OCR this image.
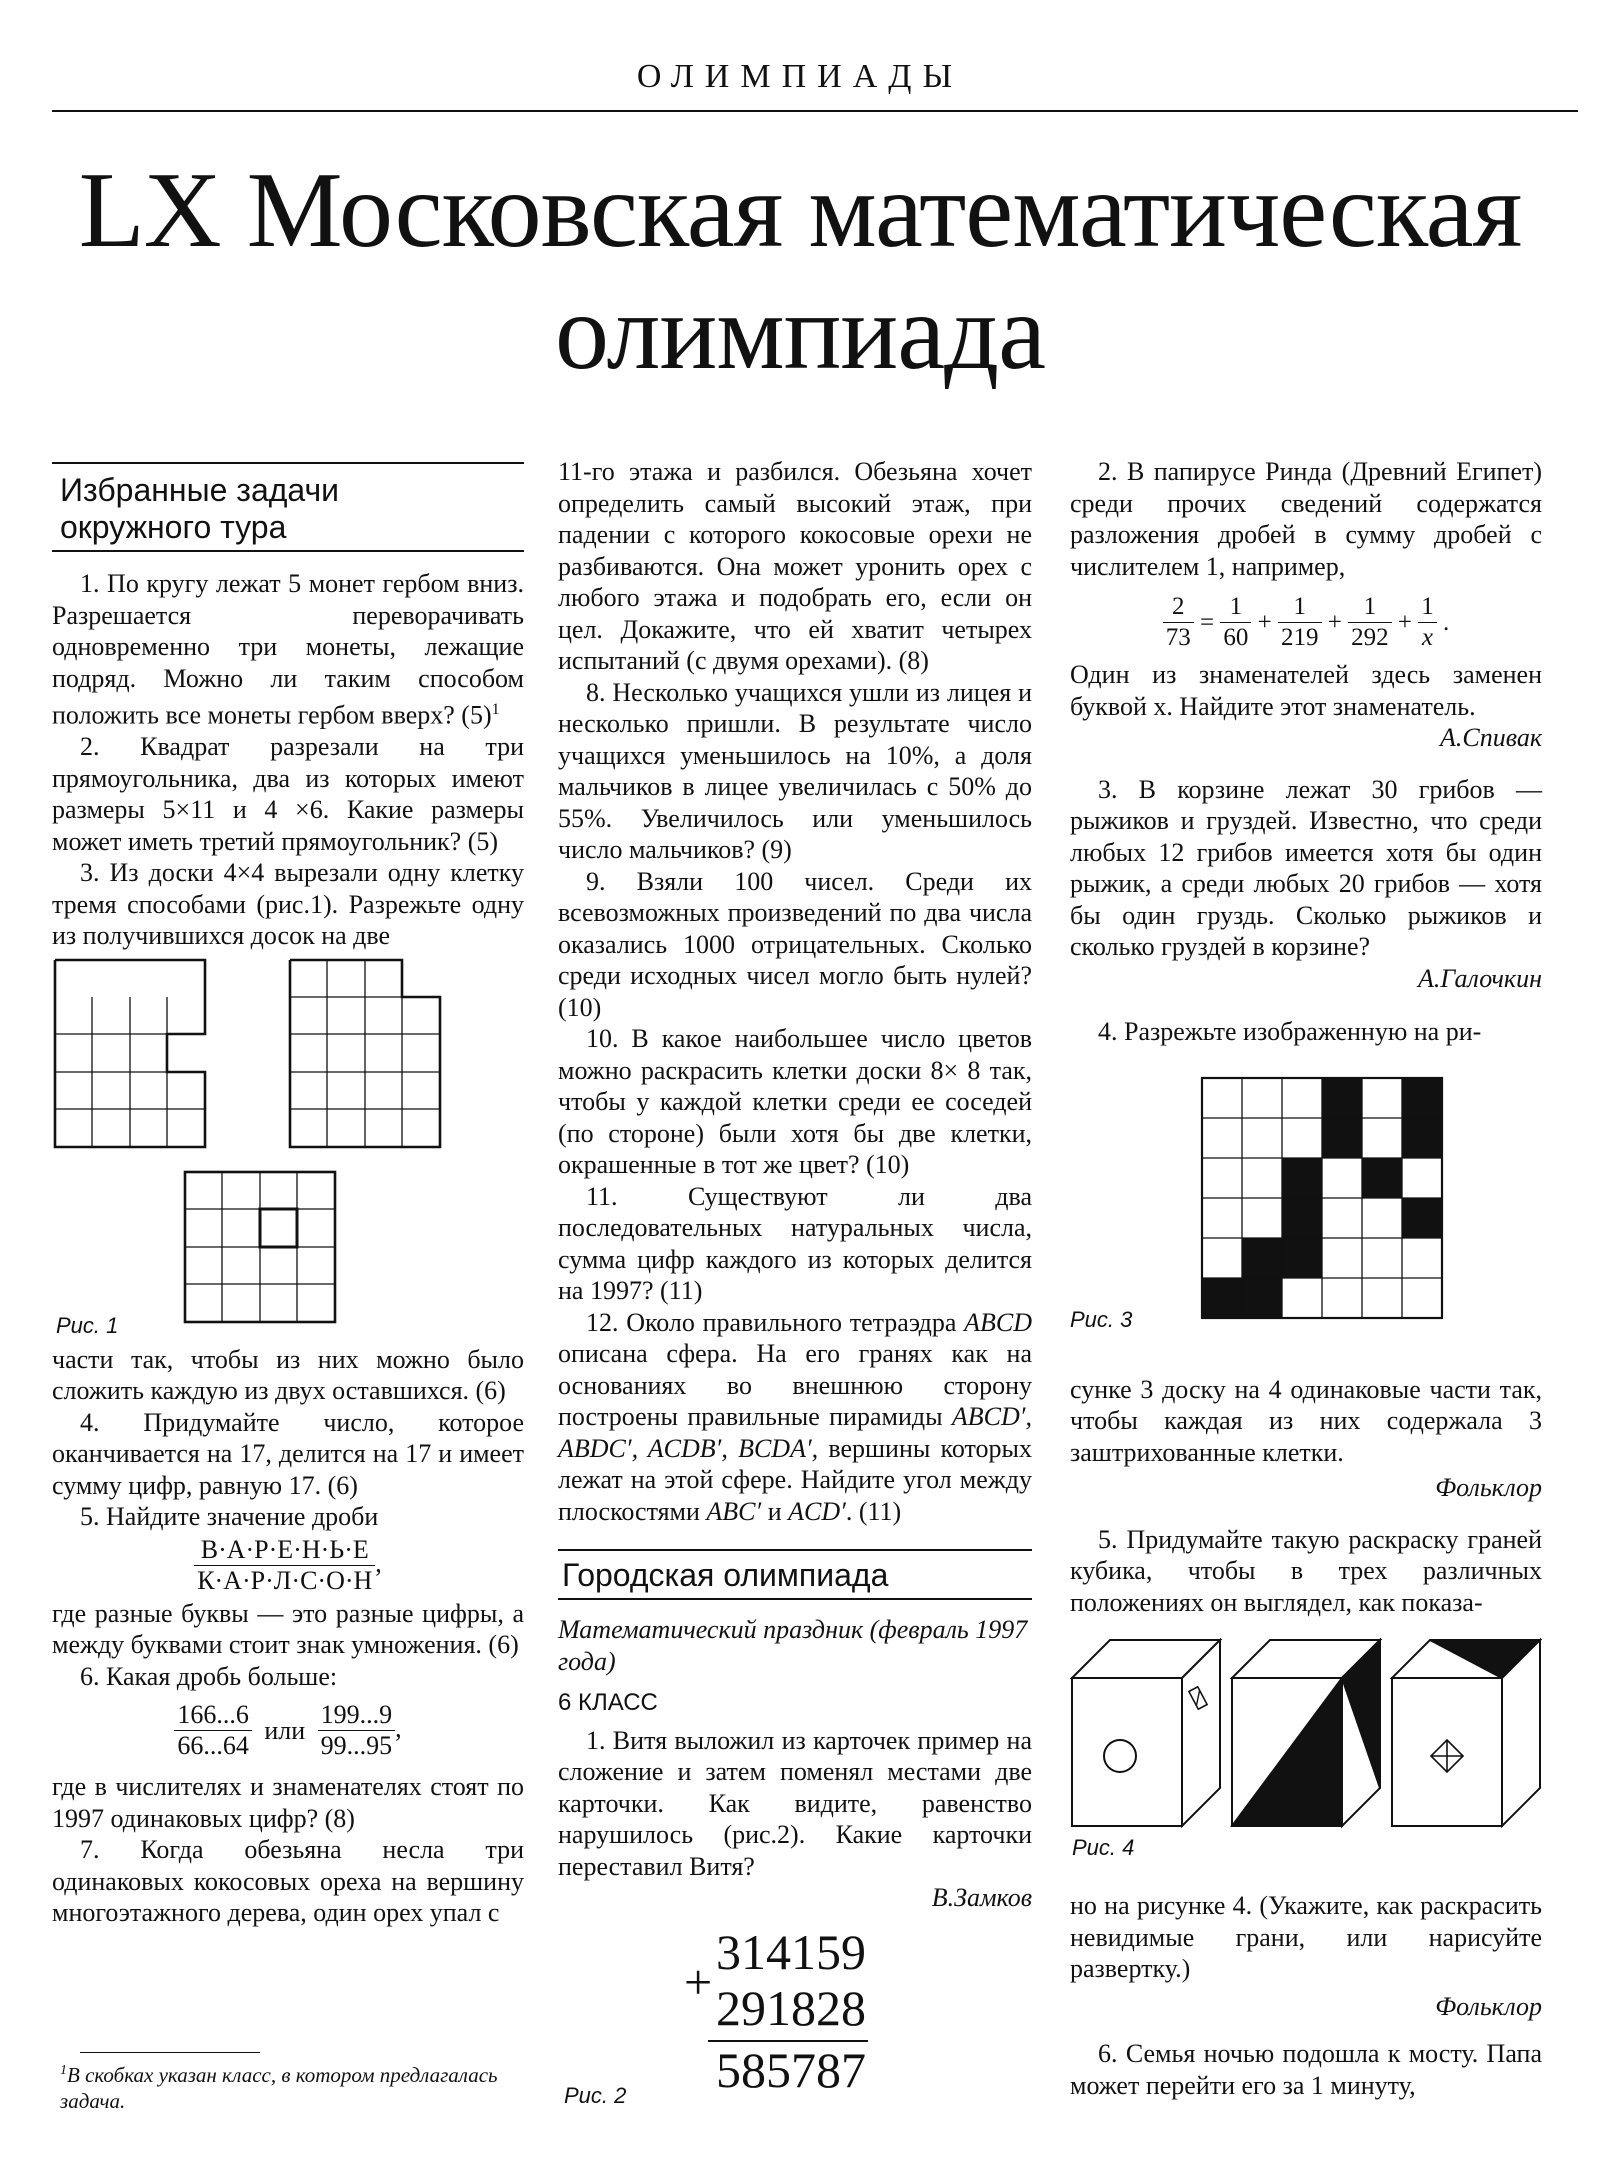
ОЛИМПИАДЫ
LX Московская математическая
олимпиада
Избранные задачи
окружного тура

1. По кругу лежат 5 монет гербом вниз. Разрешается переворачивать одновременно три монеты, лежащие подряд. Можно ли таким способом положить все монеты гербом вверх? $(5)^1$

2. Квадрат разрезали на три прямоугольника, два из которых имеют размеры 5×11 и 4 ×6. Какие размеры может иметь третий прямоугольник? (5)

3. Из доски 4×4 вырезали одну клетку тремя способами (рис.1). Разрежьте одну из получившихся досок на две

Рис. 1

части так, чтобы из них можно было сложить каждую из двух оставшихся. (6)

4. Придумайте число, которое оканчивается на 17, делится на 17 и имеет сумму цифр, равную 17. (6)

5. Найдите значение дроби

В·А·Р·Е·Н·Ь·Е
К·А·Р·Л·С·О·Н
,

где разные буквы — это разные цифры, а между буквами стоит знак умножения. (6)

6. Какая дробь больше:

$\frac{166...6}{66...64}$ или $\frac{199...9}{99...95}$ ,

где в числителях и знаменателях стоят по 1997 одинаковых цифр? (8)

7. Когда обезьяна несла три одинаковых кокосовых ореха на вершину многоэтажного дерева, один орех упал с

$^1$В скобках указан класс, в котором предлагалась задача.

11-го этажа и разбился. Обезьяна хочет определить самый высокий этаж, при падении с которого кокосовые орехи не разбиваются. Она может уронить орех с любого этажа и подобрать его, если он цел. Докажите, что ей хватит четырех испытаний (с двумя орехами). (8)

8. Несколько учащихся ушли из лицея и несколько пришли. В результате число учащихся уменьшилось на 10%, а доля мальчиков в лицее увеличилась с 50% до 55%. Увеличилось или уменьшилось число мальчиков? (9)

9. Взяли 100 чисел. Среди их всевозможных произведений по два числа оказались 1000 отрицательных. Сколько среди исходных чисел могло быть нулей? (10)

10. В какое наибольшее число цветов можно раскрасить клетки доски 8× 8 так, чтобы у каждой клетки среди ее соседей (по стороне) были хотя бы две клетки, окрашенные в тот же цвет? (10)

11. Существуют ли два последовательных натуральных числа, сумма цифр каждого из которых делится на 1997? (11)

12. Около правильного тетраэдра ABCD описана сфера. На его гранях как на основаниях во внешнюю сторону построены правильные пирамиды ABCD′, ABDC′, ACDB′, BCDA′, вершины которых лежат на этой сфере. Найдите угол между плоскостями ABC′ и ACD′. (11)

Городская олимпиада

Математический праздник (февраль 1997 года)

6 КЛАСС

1. Витя выложил из карточек пример на сложение и затем поменял местами две карточки. Как видите, равенство нарушилось (рис.2). Какие карточки переставил Витя?

В.Замков

314159
+ 291828
585787
Рис. 2

2. В папирусе Ринда (Древний Египет) среди прочих сведений содержатся разложения дробей в сумму дробей с числителем 1, например,

$\frac{2}{73} = \frac{1}{60} + \frac{1}{219} + \frac{1}{292} + \frac{1}{x}$ .

Один из знаменателей здесь заменен буквой x. Найдите этот знаменатель.

А.Спивак

3. В корзине лежат 30 грибов — рыжиков и груздей. Известно, что среди любых 12 грибов имеется хотя бы один рыжик, а среди любых 20 грибов — хотя бы один груздь. Сколько рыжиков и сколько груздей в корзине?

А.Галочкин

4. Разрежьте изображенную на ри-

Рис. 3

сунке 3 доску на 4 одинаковые части так, чтобы каждая из них содержала 3 заштрихованные клетки.

Фольклор

5. Придумайте такую раскраску граней кубика, чтобы в трех различных положениях он выглядел, как показа-

Рис. 4

но на рисунке 4. (Укажите, как раскрасить невидимые грани, или нарисуйте развертку.)

Фольклор

6. Семья ночью подошла к мосту. Папа может перейти его за 1 минуту,
